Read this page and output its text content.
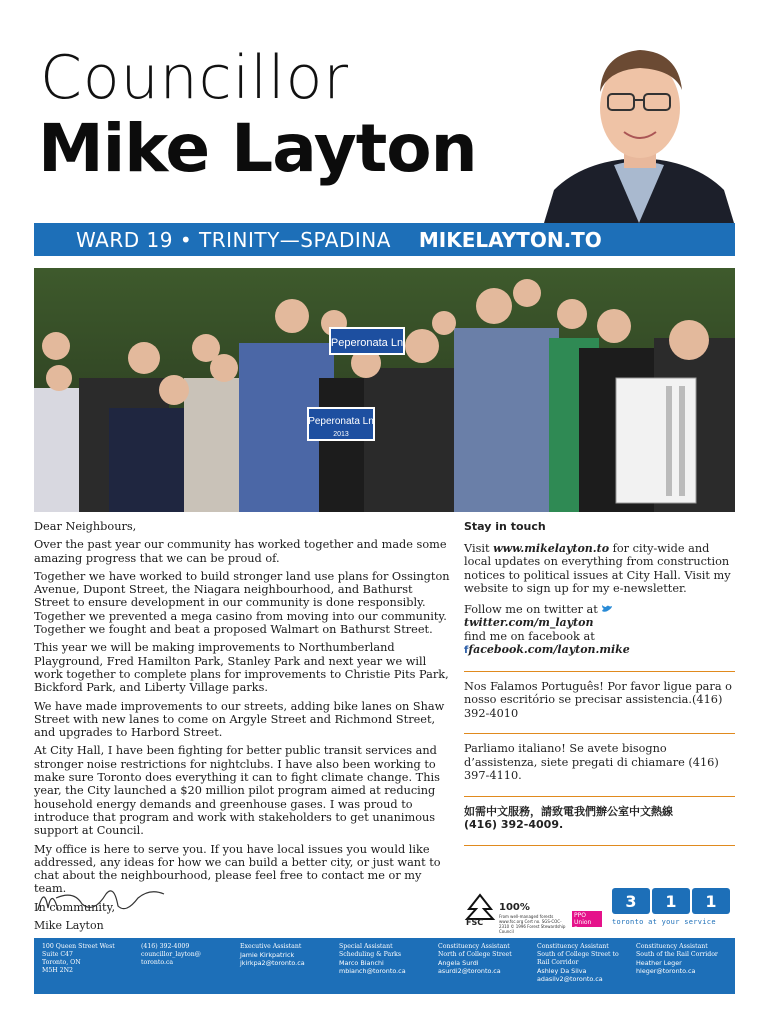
Councillor
Mike Layton
WARD 19 • TRINITY—SPADINA MIKELAYTON.TO
Peperonata Ln
Peperonata Ln
2013

Dear Neighbours,

Over the past year our community has worked together and made some amazing progress that we can be proud of.

Together we have worked to build stronger land use plans for Ossington Avenue, Dupont Street, the Niagara neighbourhood, and Bathurst Street to ensure development in our community is done responsibly. Together we prevented a mega casino from moving into our community. Together we fought and beat a proposed Walmart on Bathurst Street.

This year we will be making improvements to Northumberland Playground, Fred Hamilton Park, Stanley Park and next year we will work together to complete plans for improvements to Christie Pits Park, Bickford Park, and Liberty Village parks.

We have made improvements to our streets, adding bike lanes on Shaw Street with new lanes to come on Argyle Street and Richmond Street, and upgrades to Harbord Street.

At City Hall, I have been fighting for better public transit services and stronger noise restrictions for nightclubs. I have also been working to make sure Toronto does everything it can to fight climate change. This year, the City launched a $20 million pilot program aimed at reducing household energy demands and greenhouse gases. I was proud to introduce that program and work with stakeholders to get unanimous support at Council.

My office is here to serve you. If you have local issues you would like addressed, any ideas for how we can build a better city, or just want to chat about the neighbourhood, please feel free to contact me or my team.

In community,

Mike Layton
Stay in touch
Visit www.mikelayton.to for city-wide and local updates on everything from construction notices to political issues at City Hall. Visit my website to sign up for my e-newsletter.
Follow me on twitter at twitter.com/m_layton
find me on facebook at ffacebook.com/layton.mike
Nos Falamos Português! Por favor ligue para o nosso escritório se precisar assistencia.(416) 392-4010
Parliamo italiano! Se avete bisogno d’assistenza, siete pregati di chiamare (416) 397-4110.
如需中文服務，請致電我們辦公室中文熱線
(416) 392-4009.
100%
From well-managed forests www.fsc.org Cert no. SGS-COC-2310 © 1996 Forest Stewardship Council
FSC
PPO Union Bug
3	1	1
toronto at your service
100 Queen Street West
Suite C47
Toronto, ON
M5H 2N2
(416) 392-4009
councillor_layton@
toronto.ca
Executive Assistant
Jamie Kirkpatrick
jkirkpa2@toronto.ca
Special Assistant
Scheduling & Parks
Marco Bianchi
mbianch@toronto.ca
Constituency Assistant
North of College Street
Angela Surdi
asurdi2@toronto.ca
Constituency Assistant
South of College Street to
Rail Corridor
Ashley Da Silva
adasilv2@toronto.ca
Constituency Assistant
South of the Rail Corridor
Heather Leger
hleger@toronto.ca
